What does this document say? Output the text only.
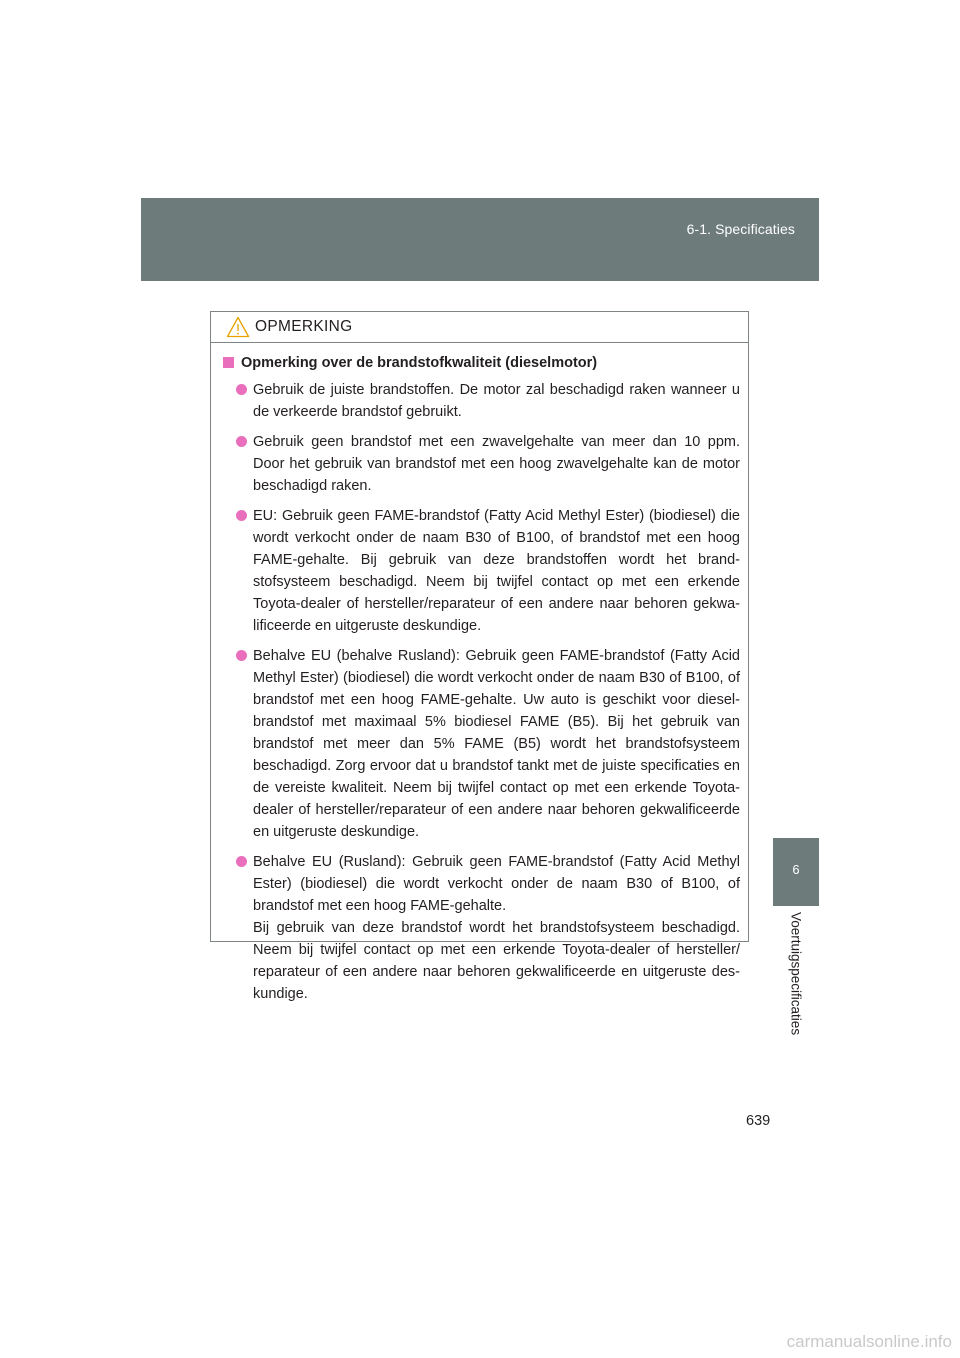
6-1. Specificaties
6
Voertuigspecificaties
OPMERKING
Opmerking over de brandstofkwaliteit (dieselmotor)

Gebruik de juiste brandstoffen. De motor zal beschadigd raken wanneer u de verkeerde brandstof gebruikt.

Gebruik geen brandstof met een zwavelgehalte van meer dan 10 ppm. Door het gebruik van brandstof met een hoog zwavelgehalte kan de motor beschadigd raken.

EU: Gebruik geen FAME-brandstof (Fatty Acid Methyl Ester) (biodiesel) die wordt verkocht onder de naam B30 of B100, of brandstof met een hoog FAME-gehalte. Bij gebruik van deze brandstoffen wordt het brandstofsysteem beschadigd. Neem bij twijfel contact op met een erkende Toyota-dealer of hersteller/reparateur of een andere naar behoren gekwalificeerde en uitgeruste deskundige.

Behalve EU (behalve Rusland): Gebruik geen FAME-brandstof (Fatty Acid Methyl Ester) (biodiesel) die wordt verkocht onder de naam B30 of B100, of brandstof met een hoog FAME-gehalte. Uw auto is geschikt voor dieselbrandstof met maximaal 5% biodiesel FAME (B5). Bij het gebruik van brandstof met meer dan 5% FAME (B5) wordt het brandstofsysteem beschadigd. Zorg ervoor dat u brandstof tankt met de juiste specificaties en de vereiste kwaliteit. Neem bij twijfel contact op met een erkende Toyota-dealer of hersteller/reparateur of een andere naar behoren gekwalificeerde en uitgeruste deskundige.

Behalve EU (Rusland): Gebruik geen FAME-brandstof (Fatty Acid Methyl Ester) (biodiesel) die wordt verkocht onder de naam B30 of B100, of brandstof met een hoog FAME-gehalte.

Bij gebruik van deze brandstof wordt het brandstofsysteem beschadigd. Neem bij twijfel contact op met een erkende Toyota-dealer of hersteller/ reparateur of een andere naar behoren gekwalificeerde en uitgeruste deskundige.

639
carmanualsonline.info
